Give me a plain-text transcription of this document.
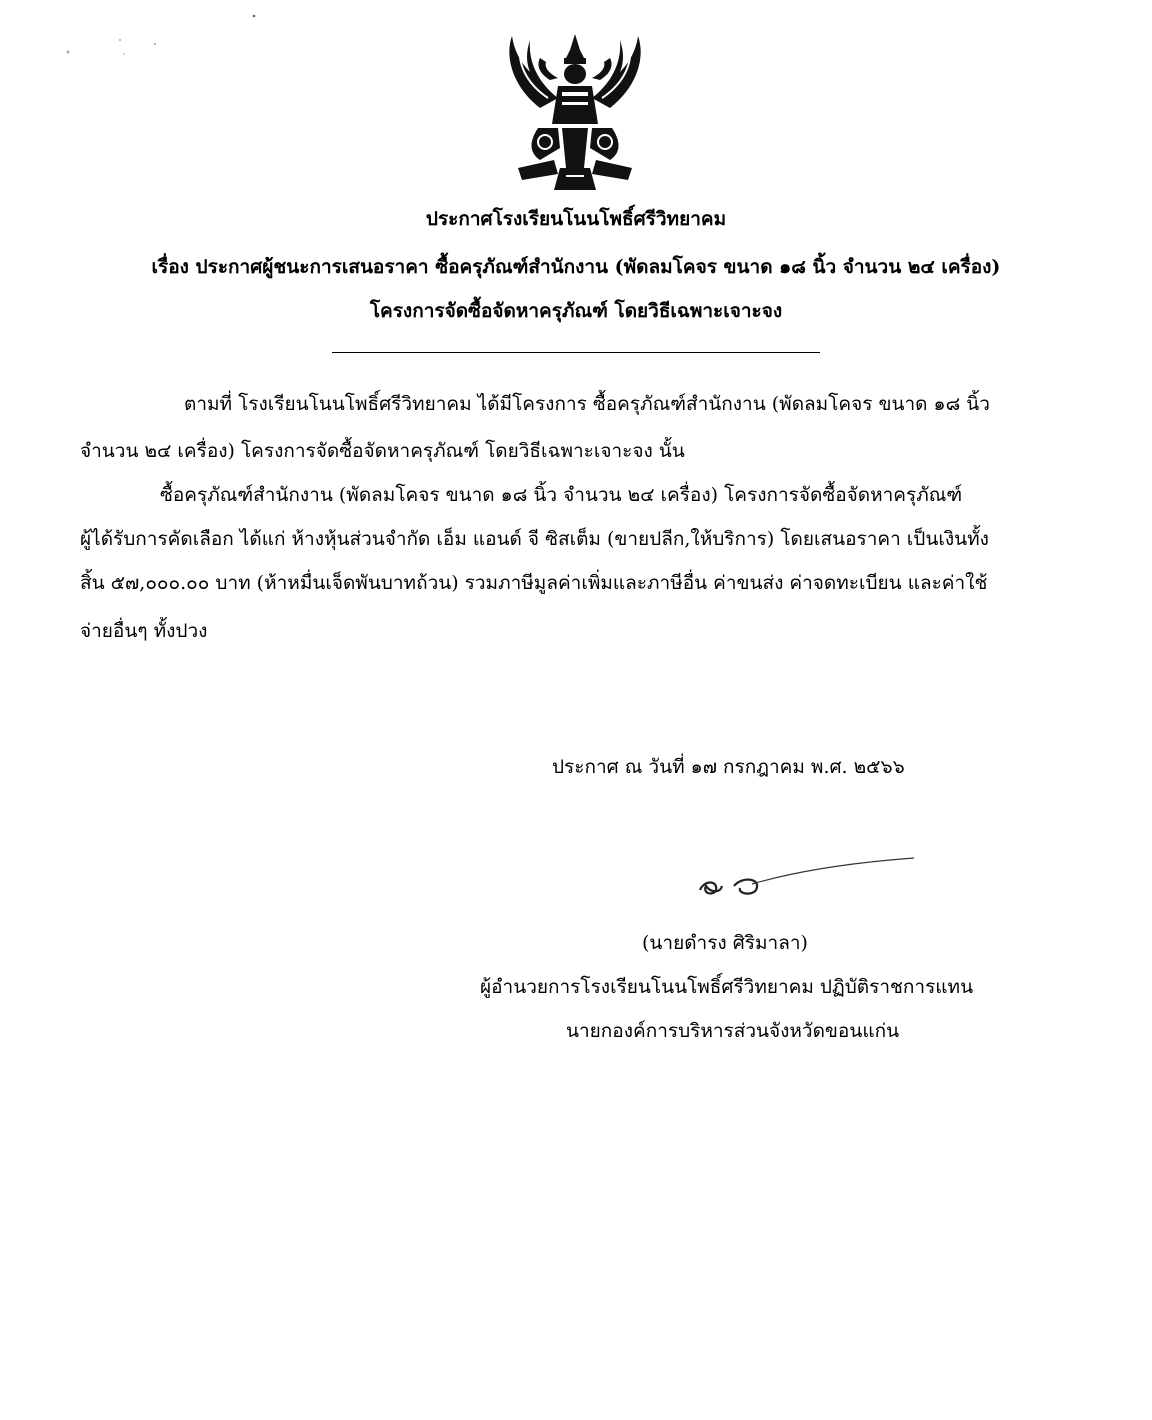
ประกาศโรงเรียนโนนโพธิ์ศรีวิทยาคม
เรื่อง ประกาศผู้ชนะการเสนอราคา ซื้อครุภัณฑ์สำนักงาน (พัดลมโคจร ขนาด ๑๘ นิ้ว จำนวน ๒๔ เครื่อง)
โครงการจัดซื้อจัดหาครุภัณฑ์ โดยวิธีเฉพาะเจาะจง
ตามที่ โรงเรียนโนนโพธิ์ศรีวิทยาคม ได้มีโครงการ ซื้อครุภัณฑ์สำนักงาน (พัดลมโคจร ขนาด ๑๘ นิ้ว
จำนวน ๒๔ เครื่อง) โครงการจัดซื้อจัดหาครุภัณฑ์ โดยวิธีเฉพาะเจาะจง นั้น
ซื้อครุภัณฑ์สำนักงาน (พัดลมโคจร ขนาด ๑๘ นิ้ว จำนวน ๒๔ เครื่อง) โครงการจัดซื้อจัดหาครุภัณฑ์
ผู้ได้รับการคัดเลือก ได้แก่ ห้างหุ้นส่วนจำกัด เอ็ม แอนด์ จี ซิสเต็ม (ขายปลีก,ให้บริการ) โดยเสนอราคา เป็นเงินทั้ง
สิ้น ๕๗,๐๐๐.๐๐ บาท (ห้าหมื่นเจ็ดพันบาทถ้วน) รวมภาษีมูลค่าเพิ่มและภาษีอื่น ค่าขนส่ง ค่าจดทะเบียน และค่าใช้
จ่ายอื่นๆ ทั้งปวง
ประกาศ ณ วันที่ ๑๗ กรกฎาคม พ.ศ. ๒๕๖๖
(นายดำรง ศิริมาลา)
ผู้อำนวยการโรงเรียนโนนโพธิ์ศรีวิทยาคม ปฏิบัติราชการแทน
นายกองค์การบริหารส่วนจังหวัดขอนแก่น
